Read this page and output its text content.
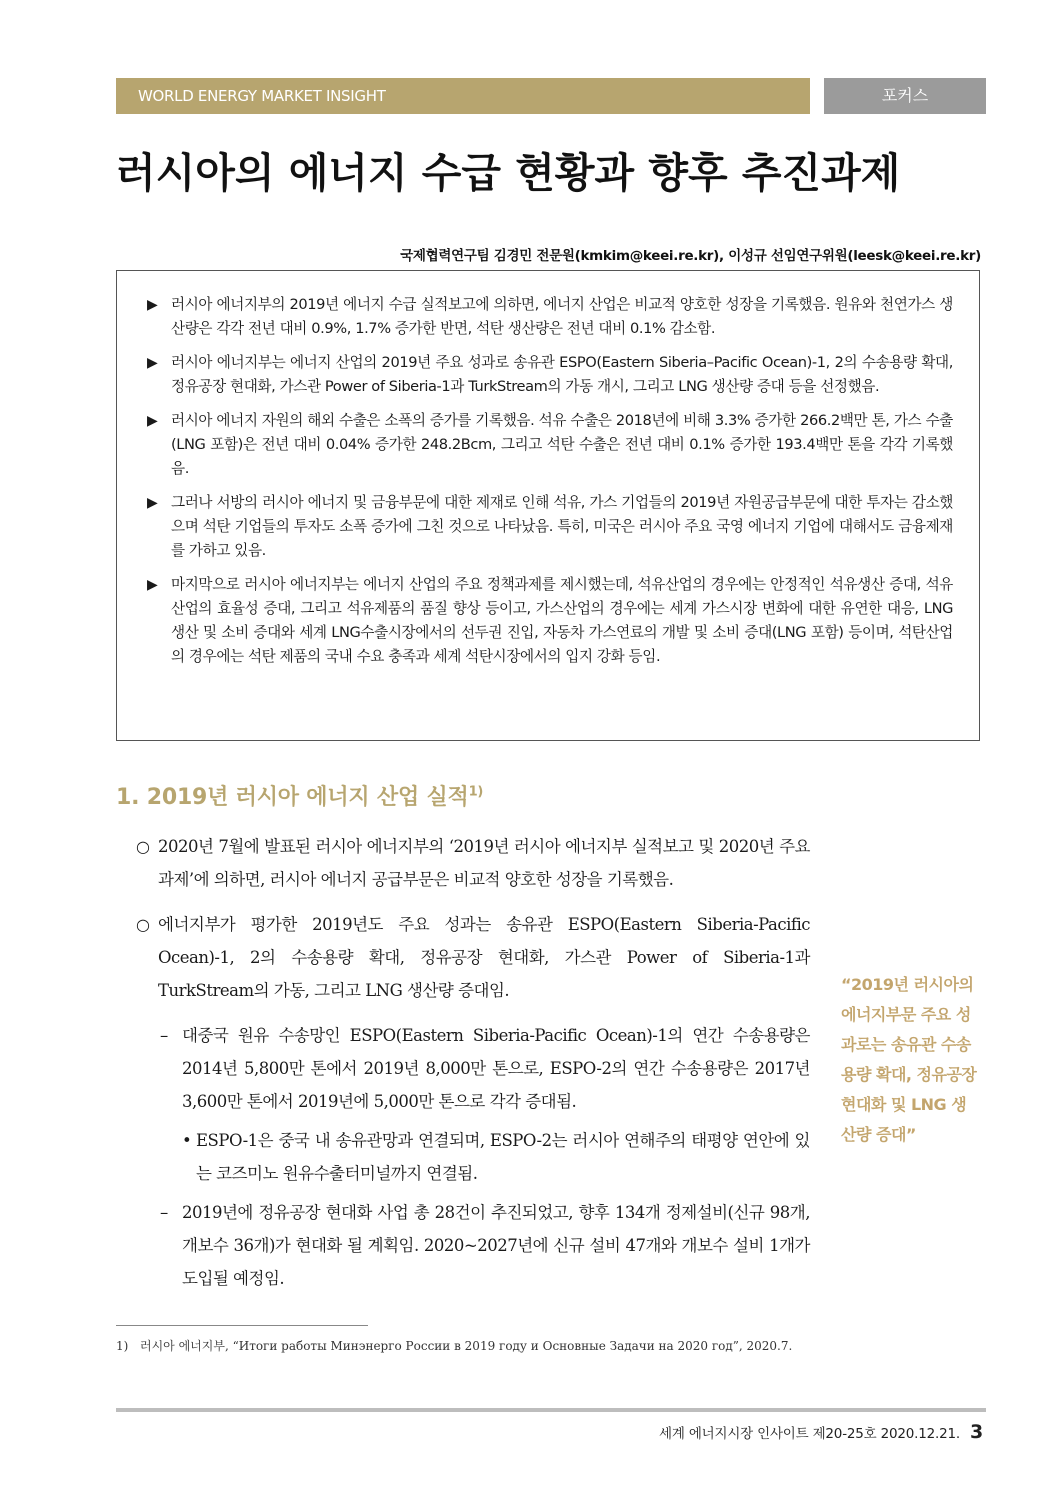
WORLD ENERGY MARKET INSIGHT	포커스
러시아의 에너지 수급 현황과 향후 추진과제
국제협력연구팀 김경민 전문원(kmkim@keei.re.kr), 이성규 선임연구위원(leesk@keei.re.kr)
▶ 러시아 에너지부의 2019년 에너지 수급 실적보고에 의하면, 에너지 산업은 비교적 양호한 성장을 기록했음. 원유와 천연가스 생산량은 각각 전년 대비 0.9%, 1.7% 증가한 반면, 석탄 생산량은 전년 대비 0.1% 감소함.
▶ 러시아 에너지부는 에너지 산업의 2019년 주요 성과로 송유관 ESPO(Eastern Siberia–Pacific Ocean)-1, 2의 수송용량 확대, 정유공장 현대화, 가스관 Power of Siberia-1과 TurkStream의 가동 개시, 그리고 LNG 생산량 증대 등을 선정했음.
▶ 러시아 에너지 자원의 해외 수출은 소폭의 증가를 기록했음. 석유 수출은 2018년에 비해 3.3% 증가한 266.2백만 톤, 가스 수출(LNG 포함)은 전년 대비 0.04% 증가한 248.2Bcm, 그리고 석탄 수출은 전년 대비 0.1% 증가한 193.4백만 톤을 각각 기록했음.
▶ 그러나 서방의 러시아 에너지 및 금융부문에 대한 제재로 인해 석유, 가스 기업들의 2019년 자원공급부문에 대한 투자는 감소했으며 석탄 기업들의 투자도 소폭 증가에 그친 것으로 나타났음. 특히, 미국은 러시아 주요 국영 에너지 기업에 대해서도 금융제재를 가하고 있음.
▶ 마지막으로 러시아 에너지부는 에너지 산업의 주요 정책과제를 제시했는데, 석유산업의 경우에는 안정적인 석유생산 증대, 석유산업의 효율성 증대, 그리고 석유제품의 품질 향상 등이고, 가스산업의 경우에는 세계 가스시장 변화에 대한 유연한 대응, LNG 생산 및 소비 증대와 세계 LNG수출시장에서의 선두권 진입, 자동차 가스연료의 개발 및 소비 증대(LNG 포함) 등이며, 석탄산업의 경우에는 석탄 제품의 국내 수요 충족과 세계 석탄시장에서의 입지 강화 등임.
1. 2019년 러시아 에너지 산업 실적$^{1)}$
○ 2020년 7월에 발표된 러시아 에너지부의 ‘2019년 러시아 에너지부 실적보고 및 2020년 주요 과제’에 의하면, 러시아 에너지 공급부문은 비교적 양호한 성장을 기록했음.
○ 에너지부가 평가한 2019년도 주요 성과는 송유관 ESPO(Eastern Siberia-Pacific Ocean)-1, 2의 수송용량 확대, 정유공장 현대화, 가스관 Power of Siberia-1과 TurkStream의 가동, 그리고 LNG 생산량 증대임.
– 대중국 원유 수송망인 ESPO(Eastern Siberia-Pacific Ocean)-1의 연간 수송용량은 2014년 5,800만 톤에서 2019년 8,000만 톤으로, ESPO-2의 연간 수송용량은 2017년 3,600만 톤에서 2019년에 5,000만 톤으로 각각 증대됨.
• ESPO-1은 중국 내 송유관망과 연결되며, ESPO-2는 러시아 연해주의 태평양 연안에 있는 코즈미노 원유수출터미널까지 연결됨.
– 2019년에 정유공장 현대화 사업 총 28건이 추진되었고, 향후 134개 정제설비(신규 98개, 개보수 36개)가 현대화 될 계획임. 2020~2027년에 신규 설비 47개와 개보수 설비 1개가 도입될 예정임.
“2019년 러시아의 에너지부문 주요 성과로는 송유관 수송용량 확대, 정유공장 현대화 및 LNG 생산량 증대”
1) 러시아 에너지부, “Итоги работы Минэнерго России в 2019 году и Основные Задачи на 2020 год”, 2020.7.
세계 에너지시장 인사이트 제20-25호 2020.12.21. 3
